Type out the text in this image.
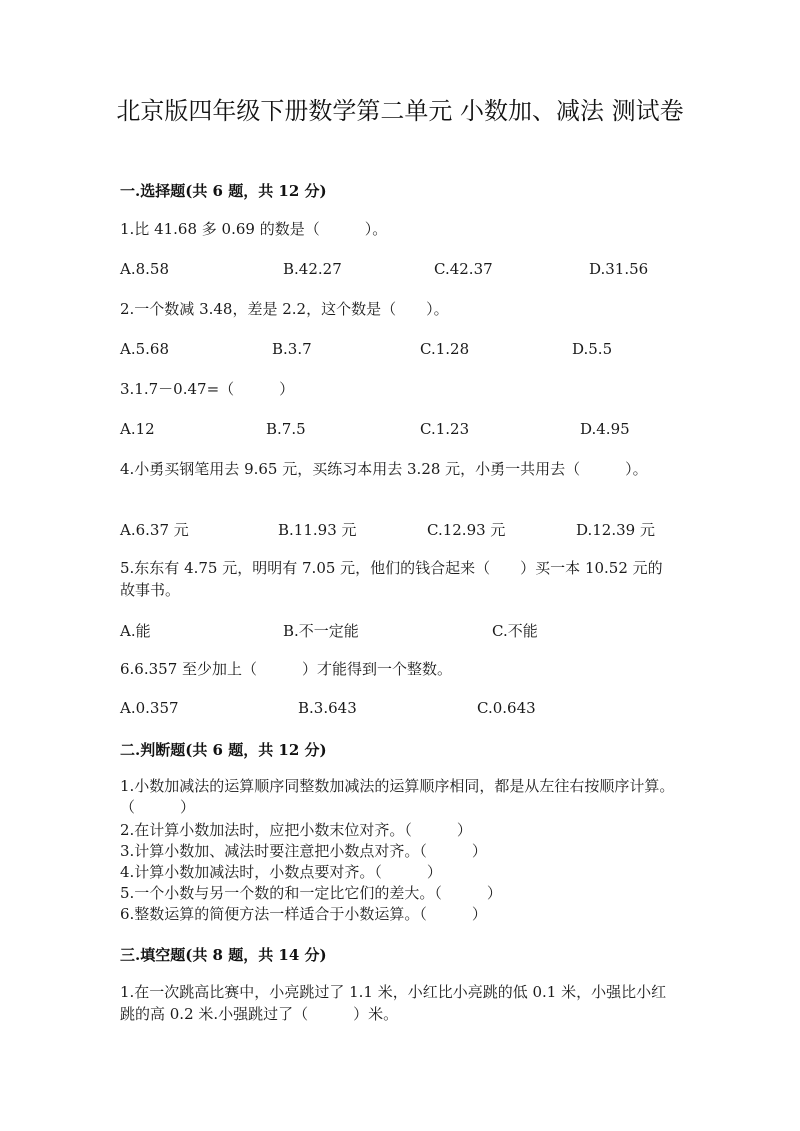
北京版四年级下册数学第二单元 小数加、减法 测试卷
一.选择题(共 6 题，共 12 分)
1.比 41.68 多 0.69 的数是（　　　）。
A.8.58	B.42.27	C.42.37	D.31.56
2.一个数减 3.48，差是 2.2，这个数是（　　）。
A.5.68	B.3.7	C.1.28	D.5.5
3.1.7－0.47=（　　　）
A.12	B.7.5	C.1.23	D.4.95
4.小勇买钢笔用去 9.65 元，买练习本用去 3.28 元，小勇一共用去（　　　）。
A.6.37 元	B.11.93 元	C.12.93 元	D.12.39 元
5.东东有 4.75 元，明明有 7.05 元，他们的钱合起来（　　）买一本 10.52 元的故事书。
A.能	B.不一定能	C.不能
6.6.357 至少加上（　　　）才能得到一个整数。
A.0.357	B.3.643	C.0.643
二.判断题(共 6 题，共 12 分)
1.小数加减法的运算顺序同整数加减法的运算顺序相同，都是从左往右按顺序计算。（　　　）
2.在计算小数加法时，应把小数末位对齐。（　　　）
3.计算小数加、减法时要注意把小数点对齐。（　　　）
4.计算小数加减法时，小数点要对齐。（　　　）
5.一个小数与另一个数的和一定比它们的差大。（　　　）
6.整数运算的简便方法一样适合于小数运算。（　　　）
三.填空题(共 8 题，共 14 分)
1.在一次跳高比赛中，小亮跳过了 1.1 米，小红比小亮跳的低 0.1 米，小强比小红跳的高 0.2 米.小强跳过了（　　　）米。
